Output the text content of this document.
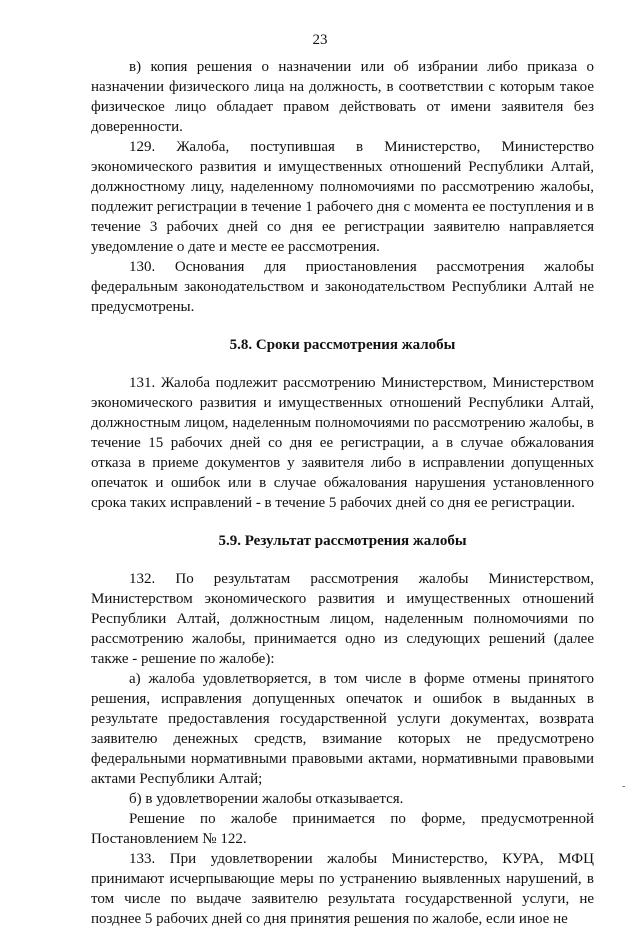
23

в) копия решения о назначении или об избрании либо приказа о назначении физического лица на должность, в соответствии с которым такое физическое лицо обладает правом действовать от имени заявителя без доверенности.

129. Жалоба, поступившая в Министерство, Министерство экономического развития и имущественных отношений Республики Алтай, должностному лицу, наделенному полномочиями по рассмотрению жалобы, подлежит регистрации в течение 1 рабочего дня с момента ее поступления и в течение 3 рабочих дней со дня ее регистрации заявителю направляется уведомление о дате и месте ее рассмотрения.

130. Основания для приостановления рассмотрения жалобы федеральным законодательством и законодательством Республики Алтай не предусмотрены.

5.8. Сроки рассмотрения жалобы

131. Жалоба подлежит рассмотрению Министерством, Министерством экономического развития и имущественных отношений Республики Алтай, должностным лицом, наделенным полномочиями по рассмотрению жалобы, в течение 15 рабочих дней со дня ее регистрации, а в случае обжалования отказа в приеме документов у заявителя либо в исправлении допущенных опечаток и ошибок или в случае обжалования нарушения установленного срока таких исправлений - в течение 5 рабочих дней со дня ее регистрации.

5.9. Результат рассмотрения жалобы

132. По результатам рассмотрения жалобы Министерством, Министерством экономического развития и имущественных отношений Республики Алтай, должностным лицом, наделенным полномочиями по рассмотрению жалобы, принимается одно из следующих решений (далее также - решение по жалобе):

а) жалоба удовлетворяется, в том числе в форме отмены принятого решения, исправления допущенных опечаток и ошибок в выданных в результате предоставления государственной услуги документах, возврата заявителю денежных средств, взимание которых не предусмотрено федеральными нормативными правовыми актами, нормативными правовыми актами Республики Алтай;

б) в удовлетворении жалобы отказывается.

Решение по жалобе принимается по форме, предусмотренной Постановлением № 122.

133. При удовлетворении жалобы Министерство, КУРА, МФЦ принимают исчерпывающие меры по устранению выявленных нарушений, в том числе по выдаче заявителю результата государственной услуги, не позднее 5 рабочих дней со дня принятия решения по жалобе, если иное не

-
